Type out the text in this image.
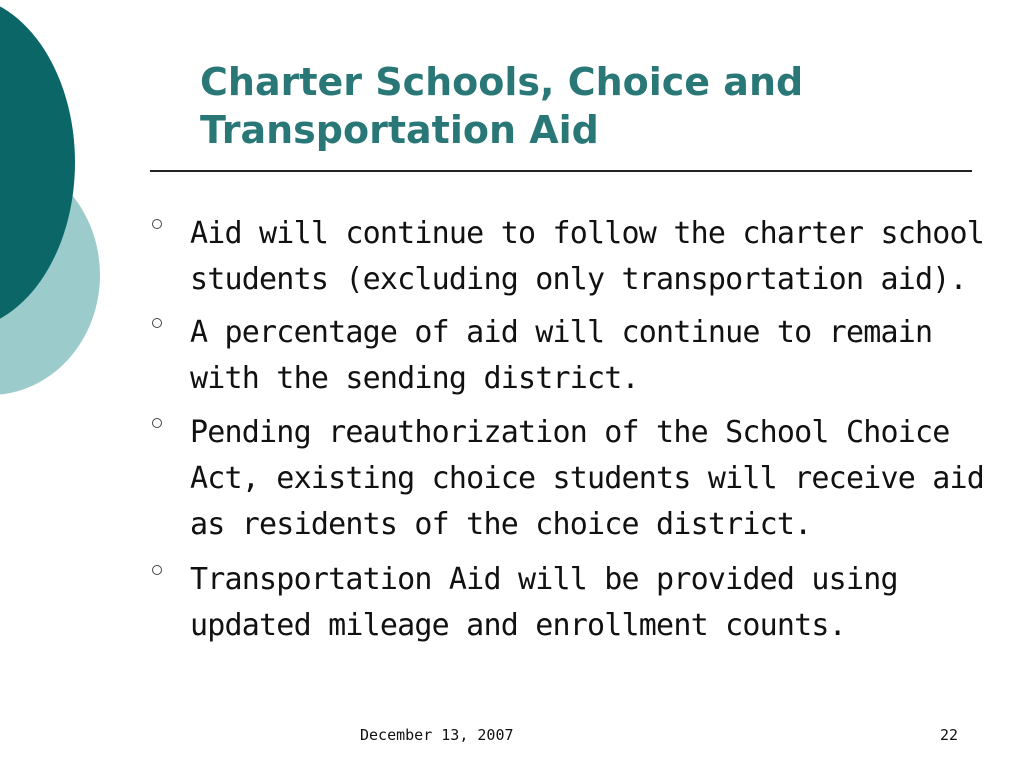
Charter Schools, Choice and
Transportation Aid

Aid will continue to follow the charter school
students (excluding only transportation aid).

A percentage of aid will continue to remain
with the sending district.

Pending reauthorization of the School Choice
Act, existing choice students will receive aid
as residents of the choice district.

Transportation Aid will be provided using
updated mileage and enrollment counts.

December 13, 2007	22
